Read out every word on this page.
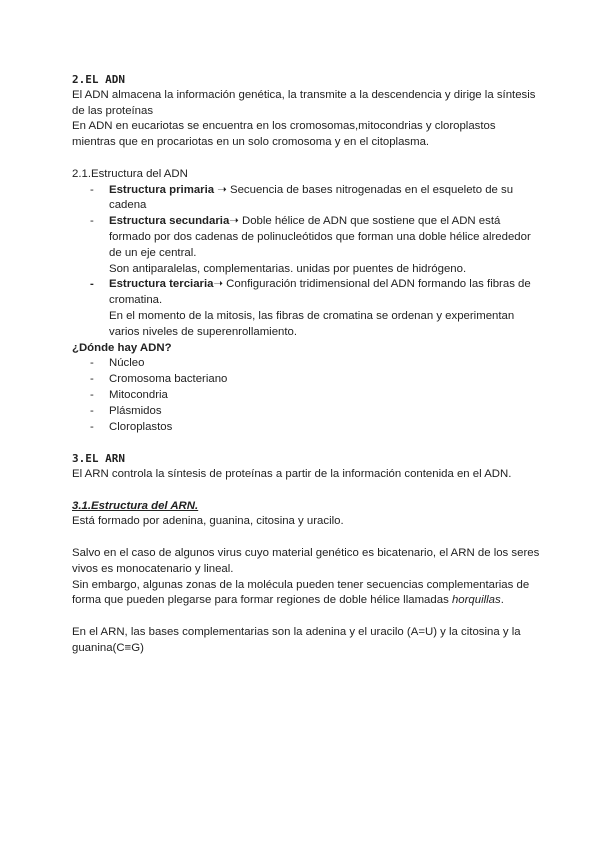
2.EL ADN

El ADN almacena la información genética, la transmite a la descendencia y dirige la síntesis de las proteínas

En ADN en eucariotas se encuentra en los cromosomas,mitocondrias y cloroplastos mientras que en procariotas en un solo cromosoma y en el citoplasma.

2.1.Estructura del ADN

- Estructura primaria ➝ Secuencia de bases nitrogenadas en el esqueleto de su cadena
- Estructura secundaria➝ Doble hélice de ADN que sostiene que el ADN está formado por dos cadenas de polinucleótidos que forman una doble hélice alrededor de un eje central.
Son antiparalelas, complementarias. unidas por puentes de hidrógeno.
- Estructura terciaria➝ Configuración tridimensional del ADN formando las fibras de cromatina.
En el momento de la mitosis, las fibras de cromatina se ordenan y experimentan varios niveles de superenrollamiento.

¿Dónde hay ADN?

- Núcleo
- Cromosoma bacteriano
- Mitocondria
- Plásmidos
- Cloroplastos

3.EL ARN

El ARN controla la síntesis de proteínas a partir de la información contenida en el ADN.

3.1.Estructura del ARN.

Está formado por adenina, guanina, citosina y uracilo.

Salvo en el caso de algunos virus cuyo material genético es bicatenario, el ARN de los seres vivos es monocatenario y lineal.

Sin embargo, algunas zonas de la molécula pueden tener secuencias complementarias de forma que pueden plegarse para formar regiones de doble hélice llamadas horquillas.

En el ARN, las bases complementarias son la adenina y el uracilo (A=U) y la citosina y la guanina(C≡G)
